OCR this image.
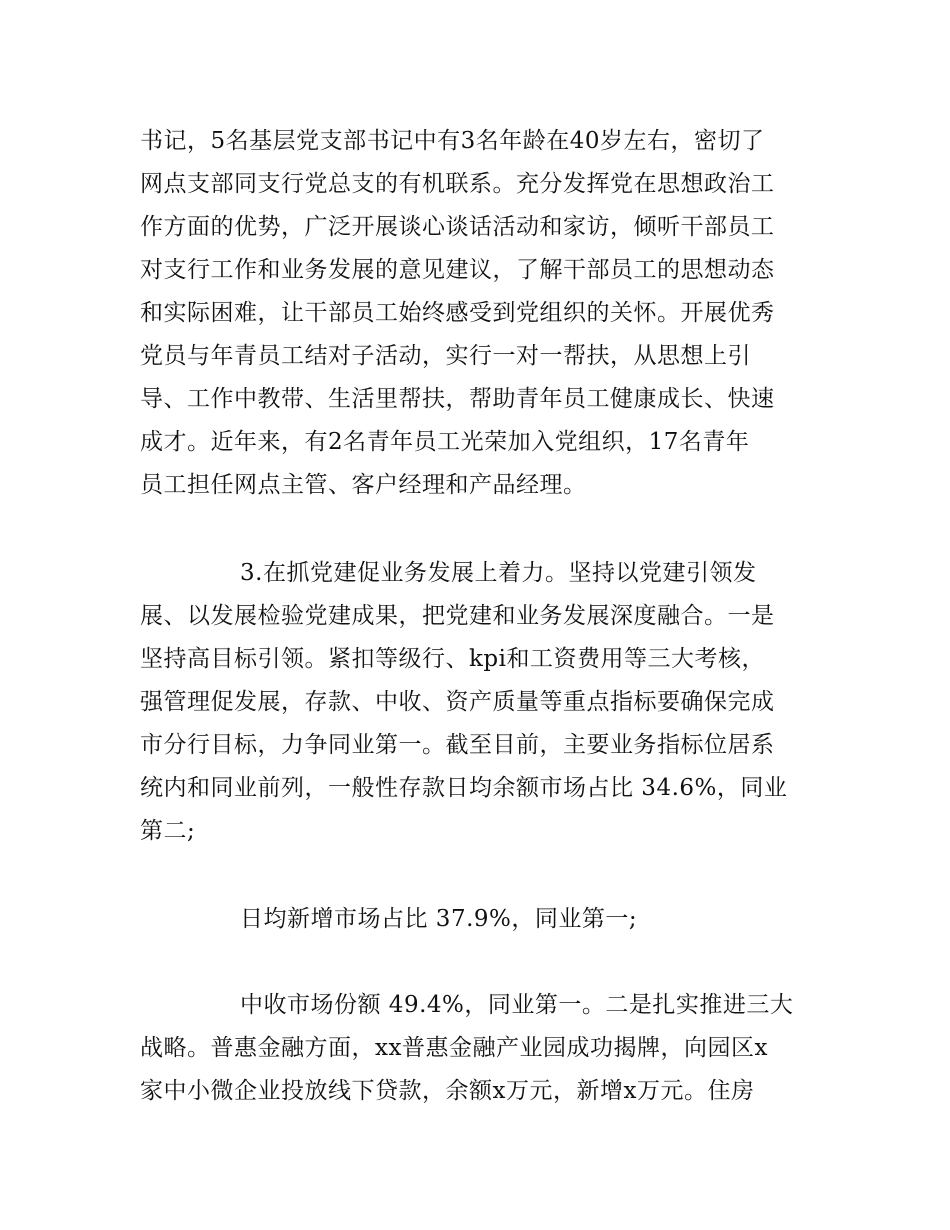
书记，5名基层党支部书记中有3名年龄在40岁左右，密切了
网点支部同支行党总支的有机联系。充分发挥党在思想政治工
作方面的优势，广泛开展谈心谈话活动和家访，倾听干部员工
对支行工作和业务发展的意见建议，了解干部员工的思想动态
和实际困难，让干部员工始终感受到党组织的关怀。开展优秀
党员与年青员工结对子活动，实行一对一帮扶，从思想上引
导、工作中教带、生活里帮扶，帮助青年员工健康成长、快速
成才。近年来，有2名青年员工光荣加入党组织，17名青年
员工担任网点主管、客户经理和产品经理。
3.在抓党建促业务发展上着力。坚持以党建引领发
展、以发展检验党建成果，把党建和业务发展深度融合。一是
坚持高目标引领。紧扣等级行、kpi和工资费用等三大考核，
强管理促发展，存款、中收、资产质量等重点指标要确保完成
市分行目标，力争同业第一。截至目前，主要业务指标位居系
统内和同业前列，一般性存款日均余额市场占比 34.6%，同业
第二;
日均新增市场占比 37.9%，同业第一;
中收市场份额 49.4%，同业第一。二是扎实推进三大
战略。普惠金融方面，xx普惠金融产业园成功揭牌，向园区x
家中小微企业投放线下贷款，余额x万元，新增x万元。住房
